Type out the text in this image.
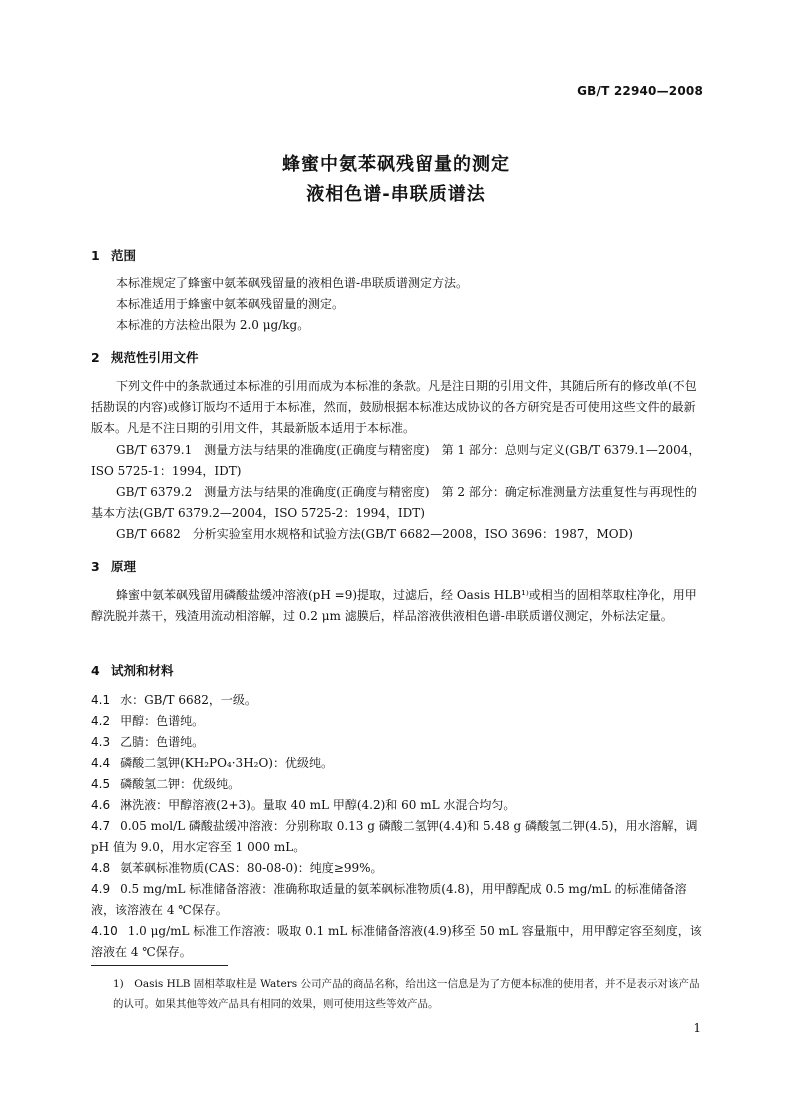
GB/T 22940—2008
蜂蜜中氨苯砜残留量的测定
液相色谱-串联质谱法
1 范围
本标准规定了蜂蜜中氨苯砜残留量的液相色谱-串联质谱测定方法。
本标准适用于蜂蜜中氨苯砜残留量的测定。
本标准的方法检出限为 2.0 μg/kg。
2 规范性引用文件
下列文件中的条款通过本标准的引用而成为本标准的条款。凡是注日期的引用文件，其随后所有的修改单(不包括勘误的内容)或修订版均不适用于本标准，然而，鼓励根据本标准达成协议的各方研究是否可使用这些文件的最新版本。凡是不注日期的引用文件，其最新版本适用于本标准。
GB/T 6379.1　测量方法与结果的准确度(正确度与精密度)　第 1 部分：总则与定义(GB/T 6379.1—2004，ISO 5725-1：1994，IDT)
GB/T 6379.2　测量方法与结果的准确度(正确度与精密度)　第 2 部分：确定标准测量方法重复性与再现性的基本方法(GB/T 6379.2—2004，ISO 5725-2：1994，IDT)
GB/T 6682　分析实验室用水规格和试验方法(GB/T 6682—2008，ISO 3696：1987，MOD)
3 原理
蜂蜜中氨苯砜残留用磷酸盐缓冲溶液(pH =9)提取，过滤后，经 Oasis HLB¹⁾或相当的固相萃取柱净化，用甲醇洗脱并蒸干，残渣用流动相溶解，过 0.2 μm 滤膜后，样品溶液供液相色谱-串联质谱仪测定，外标法定量。
4 试剂和材料
4.1 水：GB/T 6682，一级。
4.2 甲醇：色谱纯。
4.3 乙腈：色谱纯。
4.4 磷酸二氢钾(KH₂PO₄·3H₂O)：优级纯。
4.5 磷酸氢二钾：优级纯。
4.6 淋洗液：甲醇溶液(2+3)。量取 40 mL 甲醇(4.2)和 60 mL 水混合均匀。
4.7 0.05 mol/L 磷酸盐缓冲溶液：分别称取 0.13 g 磷酸二氢钾(4.4)和 5.48 g 磷酸氢二钾(4.5)，用水溶解，调 pH 值为 9.0，用水定容至 1 000 mL。
4.8 氨苯砜标准物质(CAS：80-08-0)：纯度≥99%。
4.9 0.5 mg/mL 标准储备溶液：准确称取适量的氨苯砜标准物质(4.8)，用甲醇配成 0.5 mg/mL 的标准储备溶液，该溶液在 4 ℃保存。
4.10 1.0 μg/mL 标准工作溶液：吸取 0.1 mL 标准储备溶液(4.9)移至 50 mL 容量瓶中，用甲醇定容至刻度，该溶液在 4 ℃保存。
1)　Oasis HLB 固相萃取柱是 Waters 公司产品的商品名称，给出这一信息是为了方便本标准的使用者，并不是表示对该产品的认可。如果其他等效产品具有相同的效果，则可使用这些等效产品。
1
